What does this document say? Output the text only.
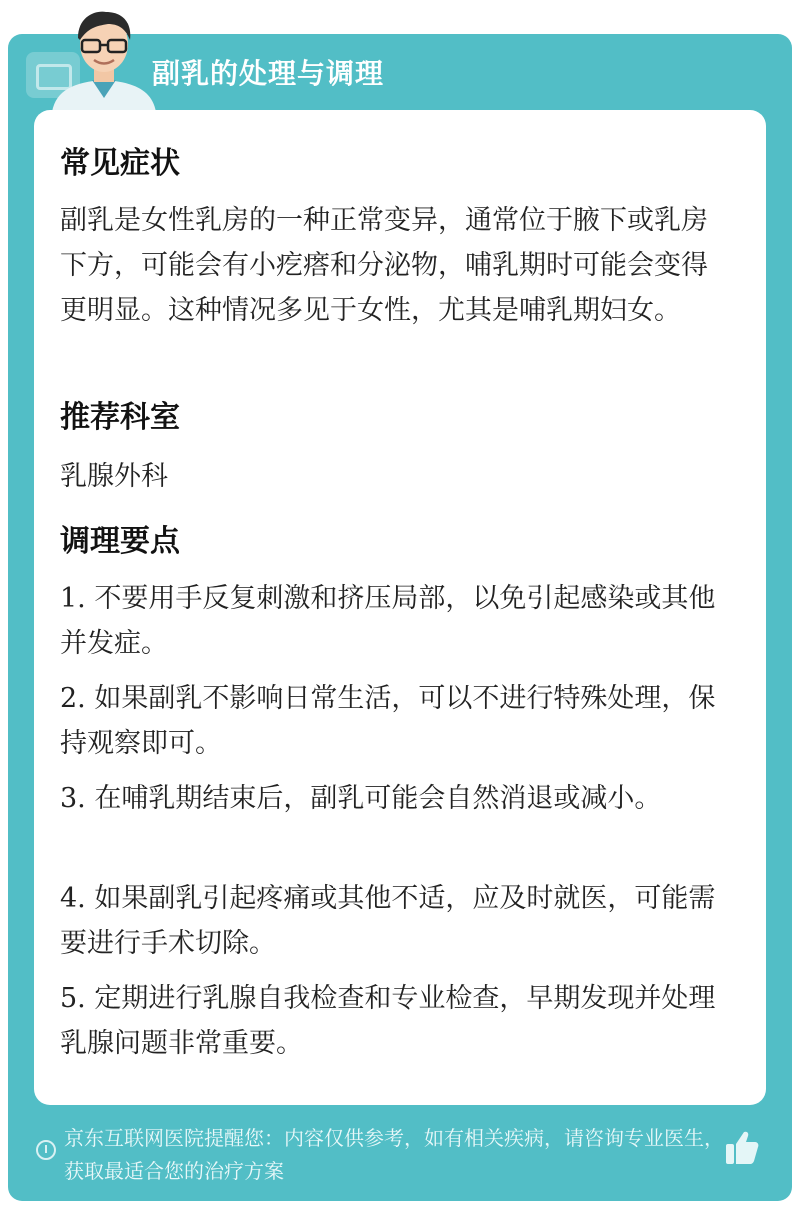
副乳的处理与调理
常见症状
副乳是女性乳房的一种正常变异，通常位于腋下或乳房下方，可能会有小疙瘩和分泌物，哺乳期时可能会变得更明显。这种情况多见于女性，尤其是哺乳期妇女。
推荐科室
乳腺外科
调理要点
1. 不要用手反复刺激和挤压局部，以免引起感染或其他并发症。
2. 如果副乳不影响日常生活，可以不进行特殊处理，保持观察即可。
3. 在哺乳期结束后，副乳可能会自然消退或减小。
4. 如果副乳引起疼痛或其他不适，应及时就医，可能需要进行手术切除。
5. 定期进行乳腺自我检查和专业检查，早期发现并处理乳腺问题非常重要。
京东互联网医院提醒您：内容仅供参考，如有相关疾病，请咨询专业医生，获取最适合您的治疗方案
